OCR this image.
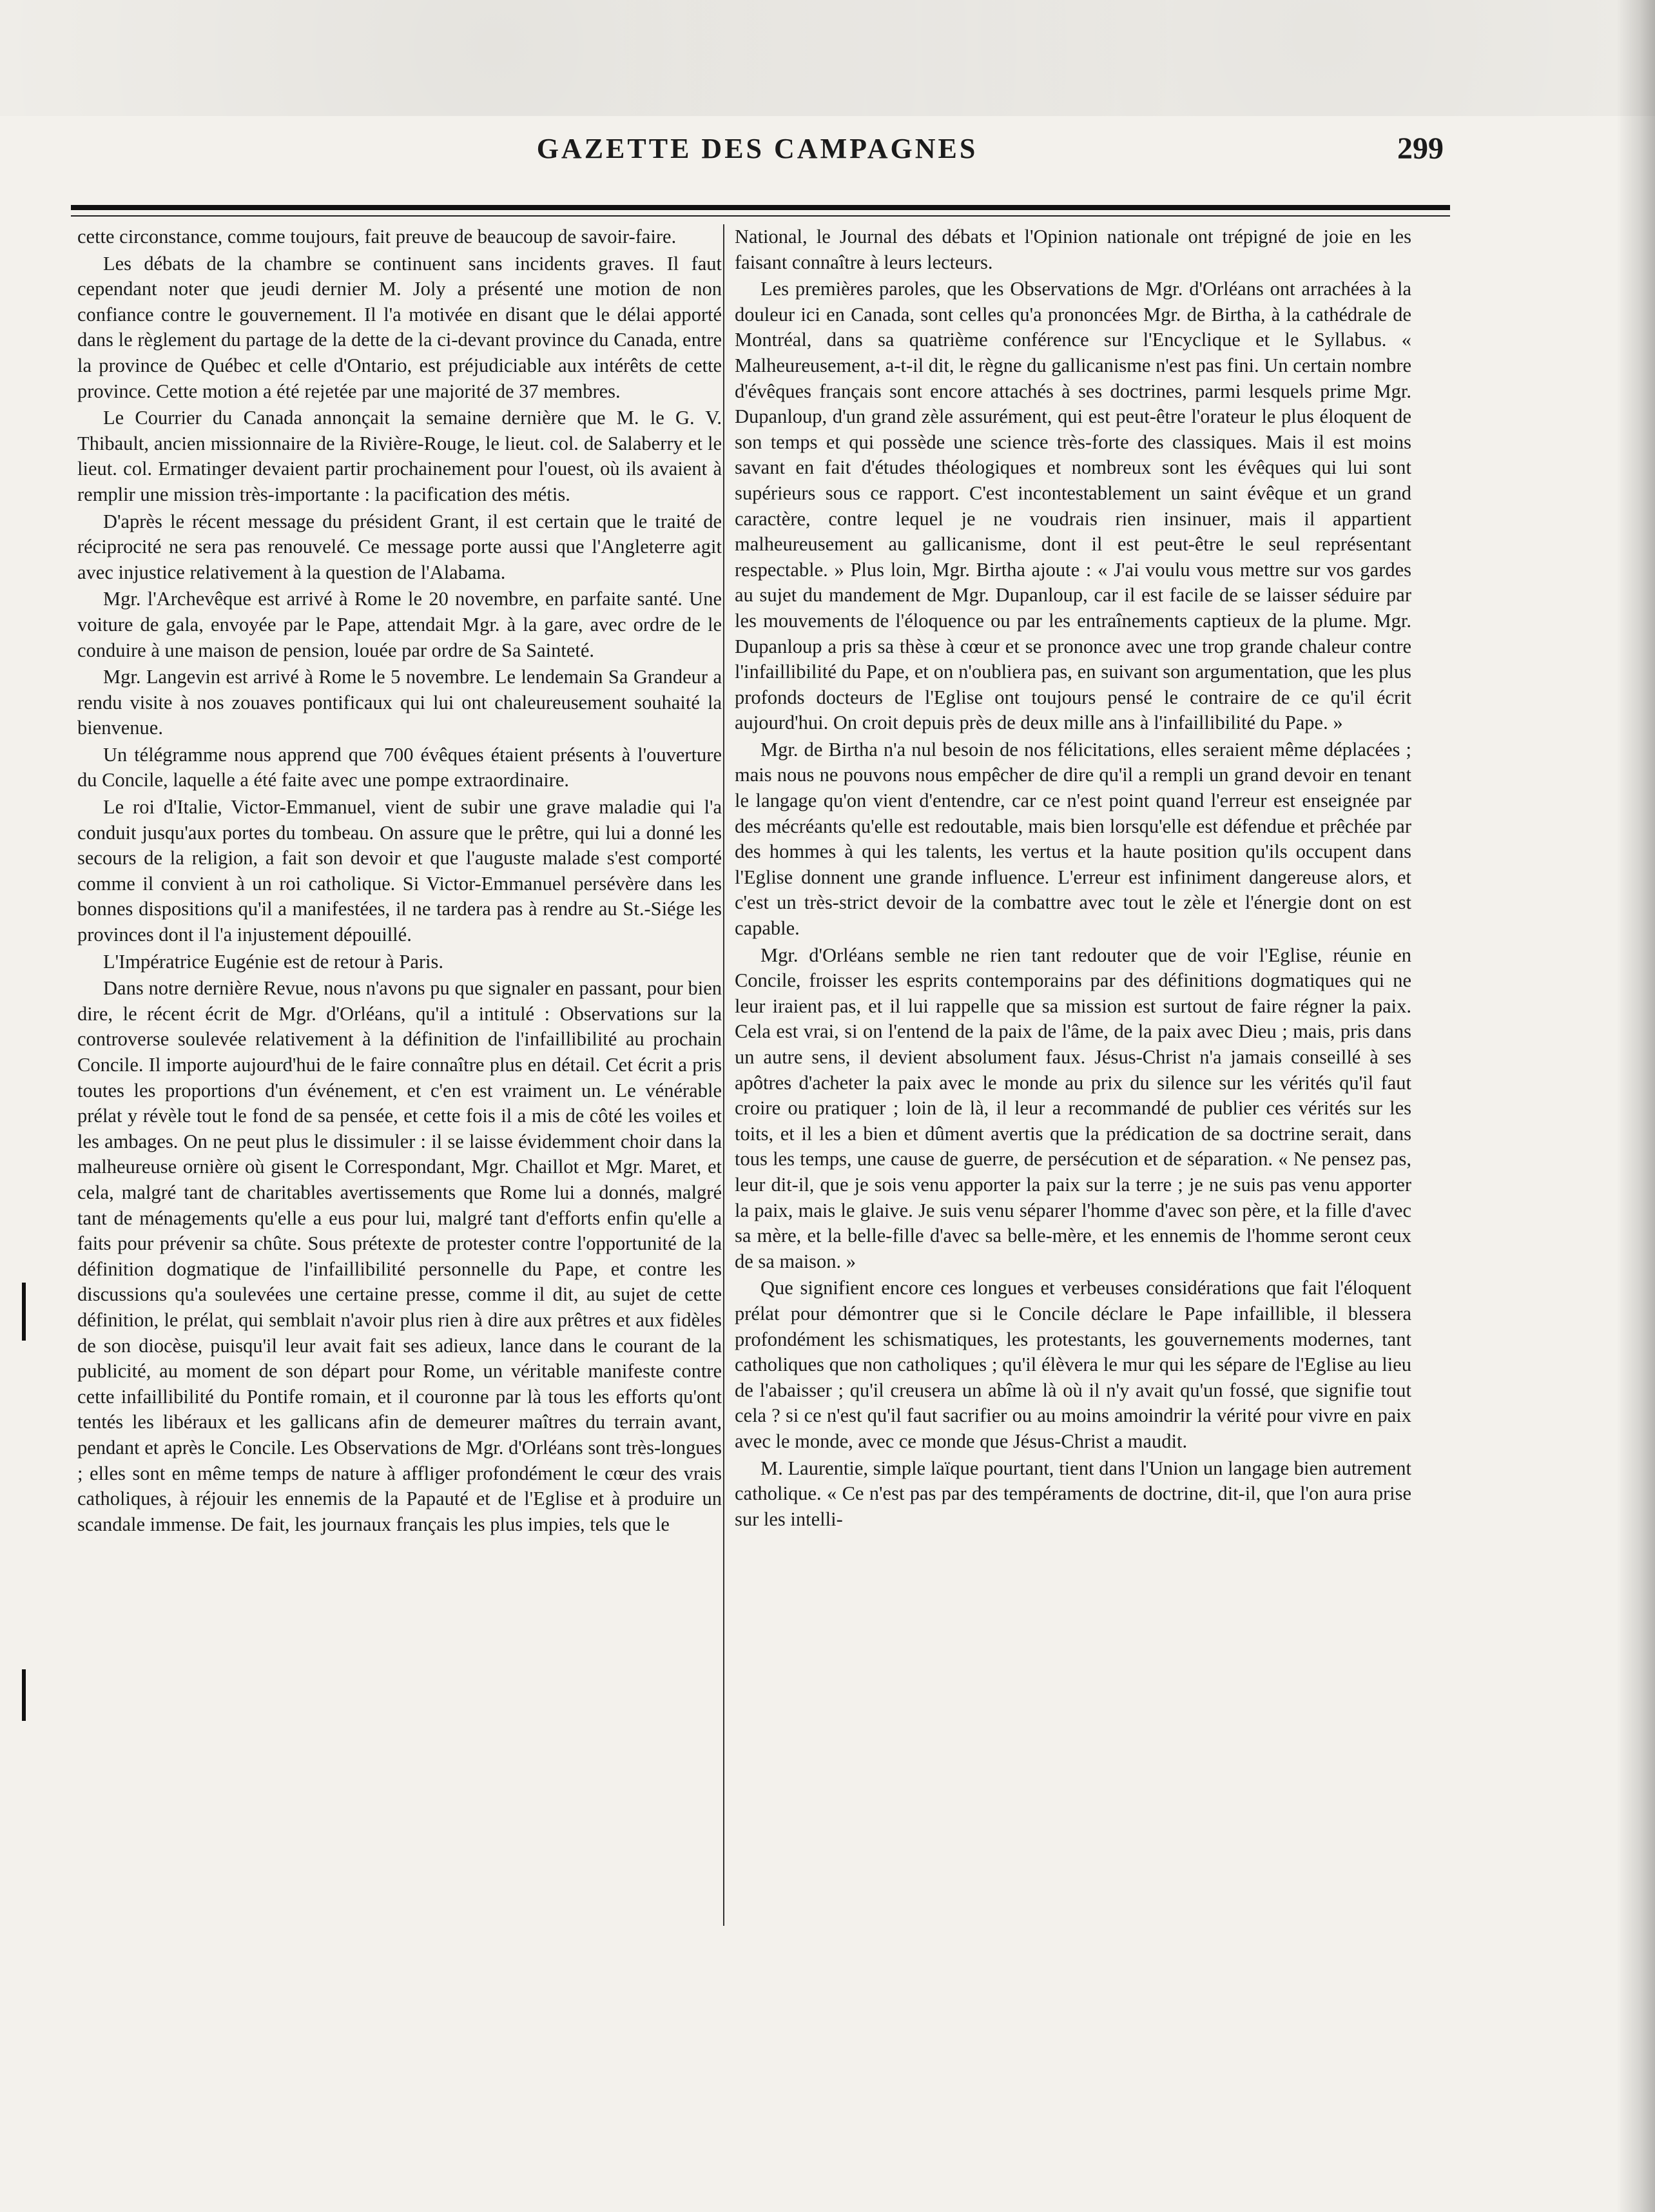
GAZETTE DES CAMPAGNES	299

cette circonstance, comme toujours, fait preuve de beaucoup de savoir-faire.

Les débats de la chambre se continuent sans incidents graves. Il faut cependant noter que jeudi dernier M. Joly a présenté une motion de non confiance contre le gouvernement. Il l'a motivée en disant que le délai apporté dans le règlement du partage de la dette de la ci-devant province du Canada, entre la province de Québec et celle d'Ontario, est préjudiciable aux intérêts de cette province. Cette motion a été rejetée par une majorité de 37 membres.

Le Courrier du Canada annonçait la semaine dernière que M. le G. V. Thibault, ancien missionnaire de la Rivière-Rouge, le lieut. col. de Salaberry et le lieut. col. Ermatinger devaient partir prochainement pour l'ouest, où ils avaient à remplir une mission très-importante : la pacification des métis.

D'après le récent message du président Grant, il est certain que le traité de réciprocité ne sera pas renouvelé. Ce message porte aussi que l'Angleterre agit avec injustice relativement à la question de l'Alabama.

Mgr. l'Archevêque est arrivé à Rome le 20 novembre, en parfaite santé. Une voiture de gala, envoyée par le Pape, attendait Mgr. à la gare, avec ordre de le conduire à une maison de pension, louée par ordre de Sa Sainteté.

Mgr. Langevin est arrivé à Rome le 5 novembre. Le lendemain Sa Grandeur a rendu visite à nos zouaves pontificaux qui lui ont chaleureusement souhaité la bienvenue.

Un télégramme nous apprend que 700 évêques étaient présents à l'ouverture du Concile, laquelle a été faite avec une pompe extraordinaire.

Le roi d'Italie, Victor-Emmanuel, vient de subir une grave maladie qui l'a conduit jusqu'aux portes du tombeau. On assure que le prêtre, qui lui a donné les secours de la religion, a fait son devoir et que l'auguste malade s'est comporté comme il convient à un roi catholique. Si Victor-Emmanuel persévère dans les bonnes dispositions qu'il a manifestées, il ne tardera pas à rendre au St.-Siége les provinces dont il l'a injustement dépouillé.

L'Impératrice Eugénie est de retour à Paris.

Dans notre dernière Revue, nous n'avons pu que signaler en passant, pour bien dire, le récent écrit de Mgr. d'Orléans, qu'il a intitulé : Observations sur la controverse soulevée relativement à la définition de l'infaillibilité au prochain Concile. Il importe aujourd'hui de le faire connaître plus en détail. Cet écrit a pris toutes les proportions d'un événement, et c'en est vraiment un. Le vénérable prélat y révèle tout le fond de sa pensée, et cette fois il a mis de côté les voiles et les ambages. On ne peut plus le dissimuler : il se laisse évidemment choir dans la malheureuse ornière où gisent le Correspondant, Mgr. Chaillot et Mgr. Maret, et cela, malgré tant de charitables avertissements que Rome lui a donnés, malgré tant de ménagements qu'elle a eus pour lui, malgré tant d'efforts enfin qu'elle a faits pour prévenir sa chûte. Sous prétexte de protester contre l'opportunité de la définition dogmatique de l'infaillibilité personnelle du Pape, et contre les discussions qu'a soulevées une certaine presse, comme il dit, au sujet de cette définition, le prélat, qui semblait n'avoir plus rien à dire aux prêtres et aux fidèles de son diocèse, puisqu'il leur avait fait ses adieux, lance dans le courant de la publicité, au moment de son départ pour Rome, un véritable manifeste contre cette infaillibilité du Pontife romain, et il couronne par là tous les efforts qu'ont tentés les libéraux et les gallicans afin de demeurer maîtres du terrain avant, pendant et après le Concile. Les Observations de Mgr. d'Orléans sont très-longues ; elles sont en même temps de nature à affliger profondément le cœur des vrais catholiques, à réjouir les ennemis de la Papauté et de l'Eglise et à produire un scandale immense. De fait, les journaux français les plus impies, tels que le

National, le Journal des débats et l'Opinion nationale ont trépigné de joie en les faisant connaître à leurs lecteurs.

Les premières paroles, que les Observations de Mgr. d'Orléans ont arrachées à la douleur ici en Canada, sont celles qu'a prononcées Mgr. de Birtha, à la cathédrale de Montréal, dans sa quatrième conférence sur l'Encyclique et le Syllabus. « Malheureusement, a-t-il dit, le règne du gallicanisme n'est pas fini. Un certain nombre d'évêques français sont encore attachés à ses doctrines, parmi lesquels prime Mgr. Dupanloup, d'un grand zèle assurément, qui est peut-être l'orateur le plus éloquent de son temps et qui possède une science très-forte des classiques. Mais il est moins savant en fait d'études théologiques et nombreux sont les évêques qui lui sont supérieurs sous ce rapport. C'est incontestablement un saint évêque et un grand caractère, contre lequel je ne voudrais rien insinuer, mais il appartient malheureusement au gallicanisme, dont il est peut-être le seul représentant respectable. » Plus loin, Mgr. Birtha ajoute : « J'ai voulu vous mettre sur vos gardes au sujet du mandement de Mgr. Dupanloup, car il est facile de se laisser séduire par les mouvements de l'éloquence ou par les entraînements captieux de la plume. Mgr. Dupanloup a pris sa thèse à cœur et se prononce avec une trop grande chaleur contre l'infaillibilité du Pape, et on n'oubliera pas, en suivant son argumentation, que les plus profonds docteurs de l'Eglise ont toujours pensé le contraire de ce qu'il écrit aujourd'hui. On croit depuis près de deux mille ans à l'infaillibilité du Pape. »

Mgr. de Birtha n'a nul besoin de nos félicitations, elles seraient même déplacées ; mais nous ne pouvons nous empêcher de dire qu'il a rempli un grand devoir en tenant le langage qu'on vient d'entendre, car ce n'est point quand l'erreur est enseignée par des mécréants qu'elle est redoutable, mais bien lorsqu'elle est défendue et prêchée par des hommes à qui les talents, les vertus et la haute position qu'ils occupent dans l'Eglise donnent une grande influence. L'erreur est infiniment dangereuse alors, et c'est un très-strict devoir de la combattre avec tout le zèle et l'énergie dont on est capable.

Mgr. d'Orléans semble ne rien tant redouter que de voir l'Eglise, réunie en Concile, froisser les esprits contemporains par des définitions dogmatiques qui ne leur iraient pas, et il lui rappelle que sa mission est surtout de faire régner la paix. Cela est vrai, si on l'entend de la paix de l'âme, de la paix avec Dieu ; mais, pris dans un autre sens, il devient absolument faux. Jésus-Christ n'a jamais conseillé à ses apôtres d'acheter la paix avec le monde au prix du silence sur les vérités qu'il faut croire ou pratiquer ; loin de là, il leur a recommandé de publier ces vérités sur les toits, et il les a bien et dûment avertis que la prédication de sa doctrine serait, dans tous les temps, une cause de guerre, de persécution et de séparation. « Ne pensez pas, leur dit-il, que je sois venu apporter la paix sur la terre ; je ne suis pas venu apporter la paix, mais le glaive. Je suis venu séparer l'homme d'avec son père, et la fille d'avec sa mère, et la belle-fille d'avec sa belle-mère, et les ennemis de l'homme seront ceux de sa maison. »

Que signifient encore ces longues et verbeuses considérations que fait l'éloquent prélat pour démontrer que si le Concile déclare le Pape infaillible, il blessera profondément les schismatiques, les protestants, les gouvernements modernes, tant catholiques que non catholiques ; qu'il élèvera le mur qui les sépare de l'Eglise au lieu de l'abaisser ; qu'il creusera un abîme là où il n'y avait qu'un fossé, que signifie tout cela ? si ce n'est qu'il faut sacrifier ou au moins amoindrir la vérité pour vivre en paix avec le monde, avec ce monde que Jésus-Christ a maudit.

M. Laurentie, simple laïque pourtant, tient dans l'Union un langage bien autrement catholique. « Ce n'est pas par des tempéraments de doctrine, dit-il, que l'on aura prise sur les intelli-
